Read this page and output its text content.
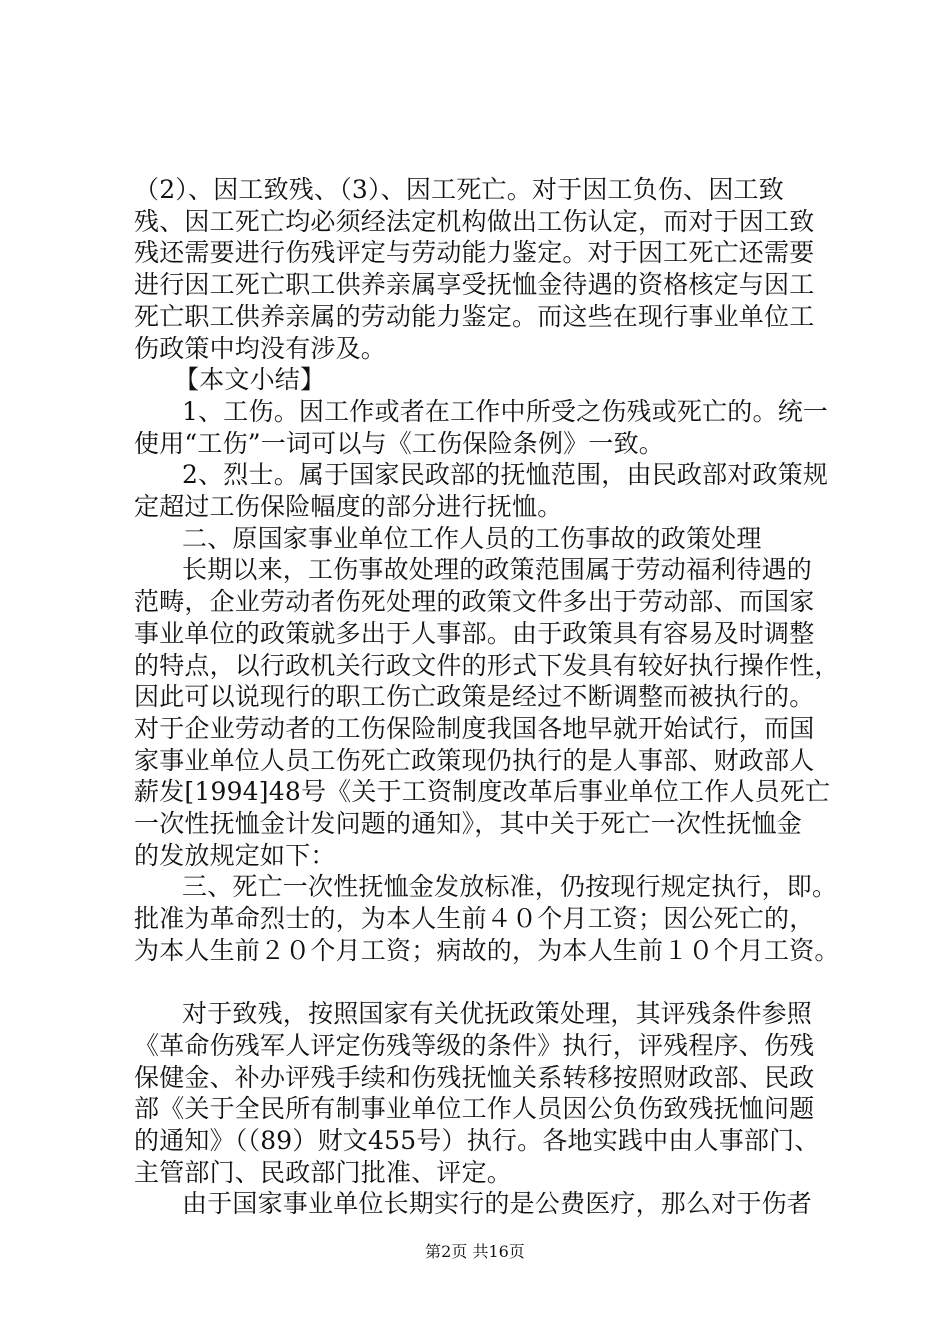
（2）、因工致残、（3）、因工死亡。对于因工负伤、因工致
残、因工死亡均必须经法定机构做出工伤认定，而对于因工致
残还需要进行伤残评定与劳动能力鉴定。对于因工死亡还需要
进行因工死亡职工供养亲属享受抚恤金待遇的资格核定与因工
死亡职工供养亲属的劳动能力鉴定。而这些在现行事业单位工
伤政策中均没有涉及。
【本文小结】
1、工伤。因工作或者在工作中所受之伤残或死亡的。统一
使用“工伤”一词可以与《工伤保险条例》一致。
2、烈士。属于国家民政部的抚恤范围，由民政部对政策规
定超过工伤保险幅度的部分进行抚恤。
二、原国家事业单位工作人员的工伤事故的政策处理
长期以来，工伤事故处理的政策范围属于劳动福利待遇的
范畴，企业劳动者伤死处理的政策文件多出于劳动部、而国家
事业单位的政策就多出于人事部。由于政策具有容易及时调整
的特点，以行政机关行政文件的形式下发具有较好执行操作性，
因此可以说现行的职工伤亡政策是经过不断调整而被执行的。
对于企业劳动者的工伤保险制度我国各地早就开始试行，而国
家事业单位人员工伤死亡政策现仍执行的是人事部、财政部人
薪发[1994]48号《关于工资制度改革后事业单位工作人员死亡
一次性抚恤金计发问题的通知》，其中关于死亡一次性抚恤金
的发放规定如下：
三、死亡一次性抚恤金发放标准，仍按现行规定执行，即。
批准为革命烈士的，为本人生前４０个月工资；因公死亡的，
为本人生前２０个月工资；病故的，为本人生前１０个月工资。
对于致残，按照国家有关优抚政策处理，其评残条件参照
《革命伤残军人评定伤残等级的条件》执行，评残程序、伤残
保健金、补办评残手续和伤残抚恤关系转移按照财政部、民政
部《关于全民所有制事业单位工作人员因公负伤致残抚恤问题
的通知》（（89）财文455号）执行。各地实践中由人事部门、
主管部门、民政部门批准、评定。
由于国家事业单位长期实行的是公费医疗，那么对于伤者
第2页 共16页
